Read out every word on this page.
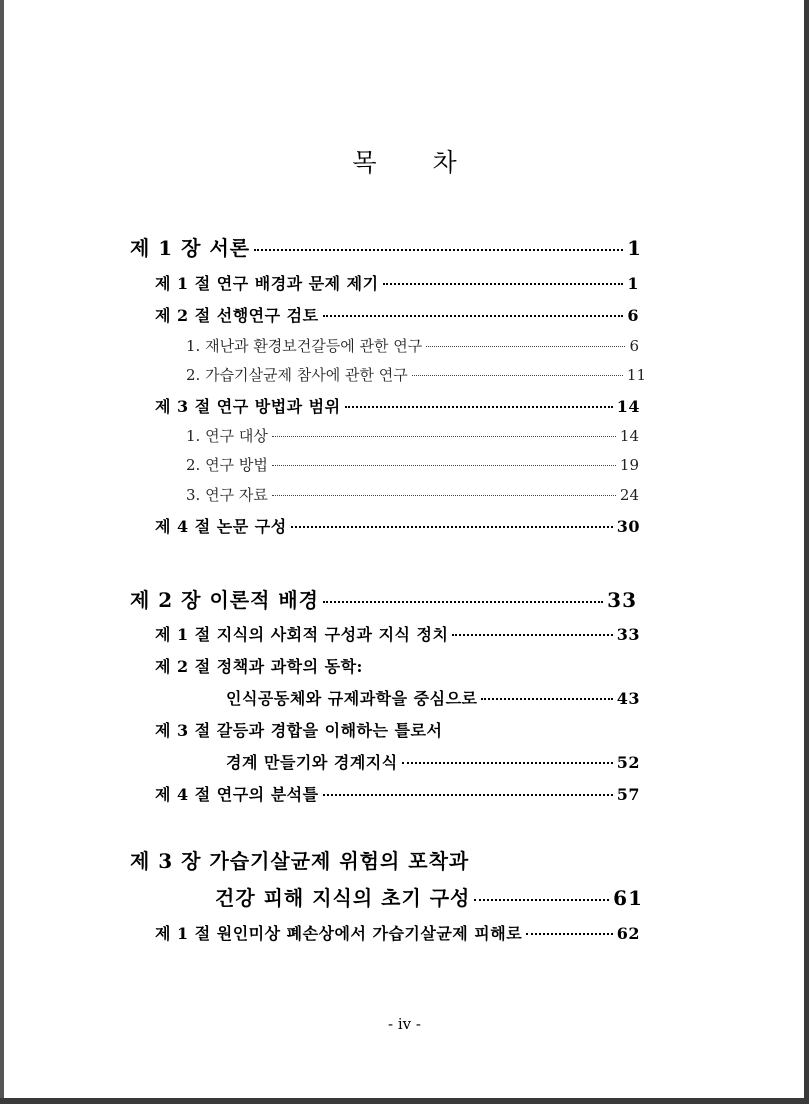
목 차
제 1 장 서론	1
제 1 절 연구 배경과 문제 제기	1
제 2 절 선행연구 검토	6
1. 재난과 환경보건갈등에 관한 연구	6
2. 가습기살균제 참사에 관한 연구	11
제 3 절 연구 방법과 범위	14
1. 연구 대상	14
2. 연구 방법	19
3. 연구 자료	24
제 4 절 논문 구성	30
제 2 장 이론적 배경	33
제 1 절 지식의 사회적 구성과 지식 정치	33
제 2 절 정책과 과학의 동학:
인식공동체와 규제과학을 중심으로	43
제 3 절 갈등과 경합을 이해하는 틀로서
경계 만들기와 경계지식	52
제 4 절 연구의 분석틀	57
제 3 장 가습기살균제 위험의 포착과
건강 피해 지식의 초기 구성	61
제 1 절 원인미상 폐손상에서 가습기살균제 피해로	62
- iv -
